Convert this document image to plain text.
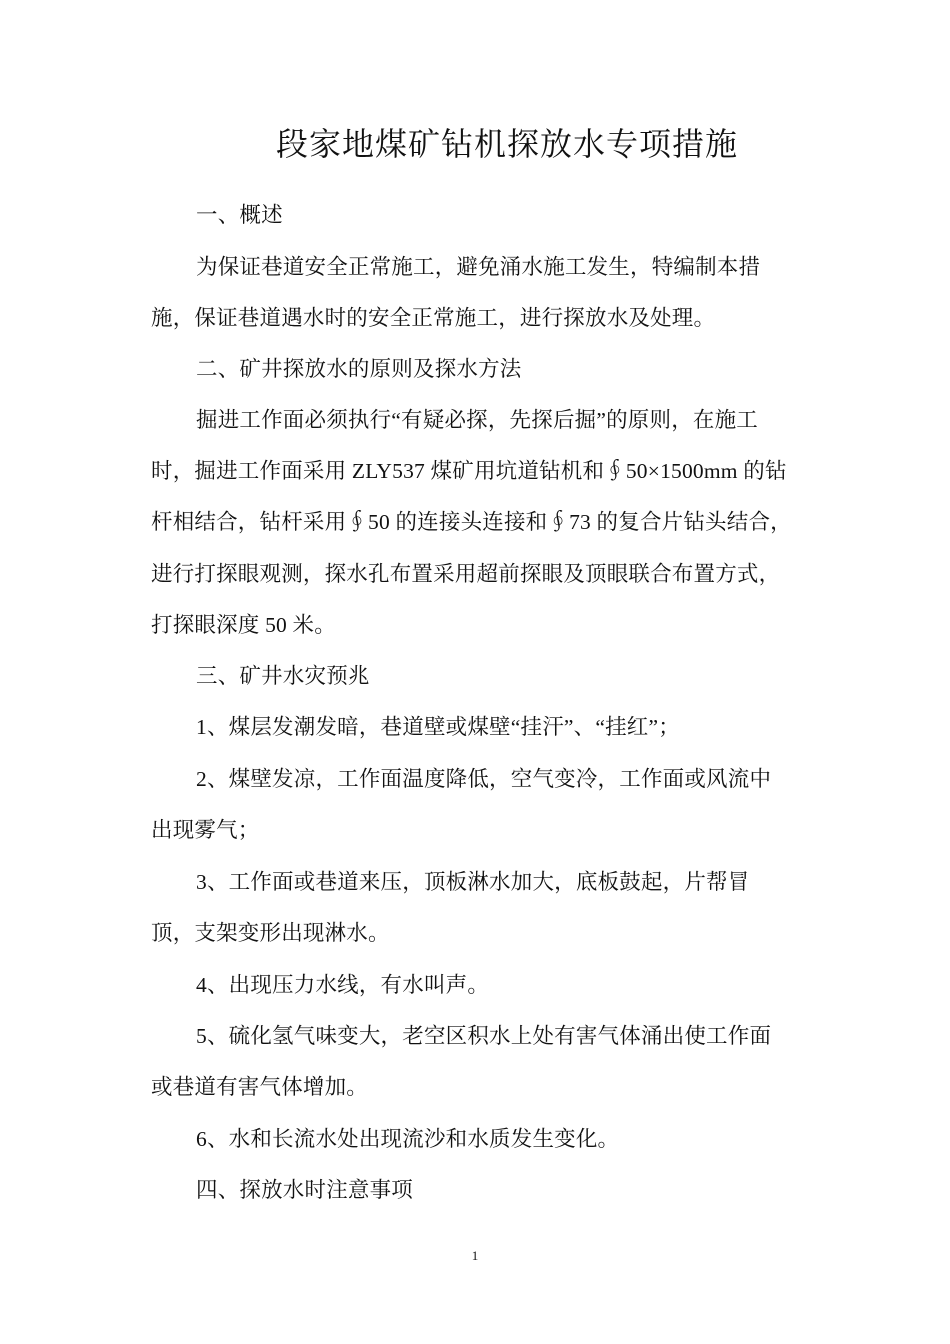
段家地煤矿钻机探放水专项措施
一、概述
为保证巷道安全正常施工，避免涌水施工发生，特编制本措
施，保证巷道遇水时的安全正常施工，进行探放水及处理。
二、矿井探放水的原则及探水方法
掘进工作面必须执行“有疑必探，先探后掘”的原则，在施工
时，掘进工作面采用 ZLY537 煤矿用坑道钻机和∮50×1500mm 的钻
杆相结合，钻杆采用∮50 的连接头连接和∮73 的复合片钻头结合，
进行打探眼观测，探水孔布置采用超前探眼及顶眼联合布置方式，
打探眼深度 50 米。
三、矿井水灾预兆
1、煤层发潮发暗，巷道壁或煤壁“挂汗”、“挂红”；
2、煤壁发凉，工作面温度降低，空气变冷，工作面或风流中
出现雾气；
3、工作面或巷道来压，顶板淋水加大，底板鼓起，片帮冒
顶，支架变形出现淋水。
4、出现压力水线，有水叫声。
5、硫化氢气味变大，老空区积水上处有害气体涌出使工作面
或巷道有害气体增加。
6、水和长流水处出现流沙和水质发生变化。
四、探放水时注意事项
1
